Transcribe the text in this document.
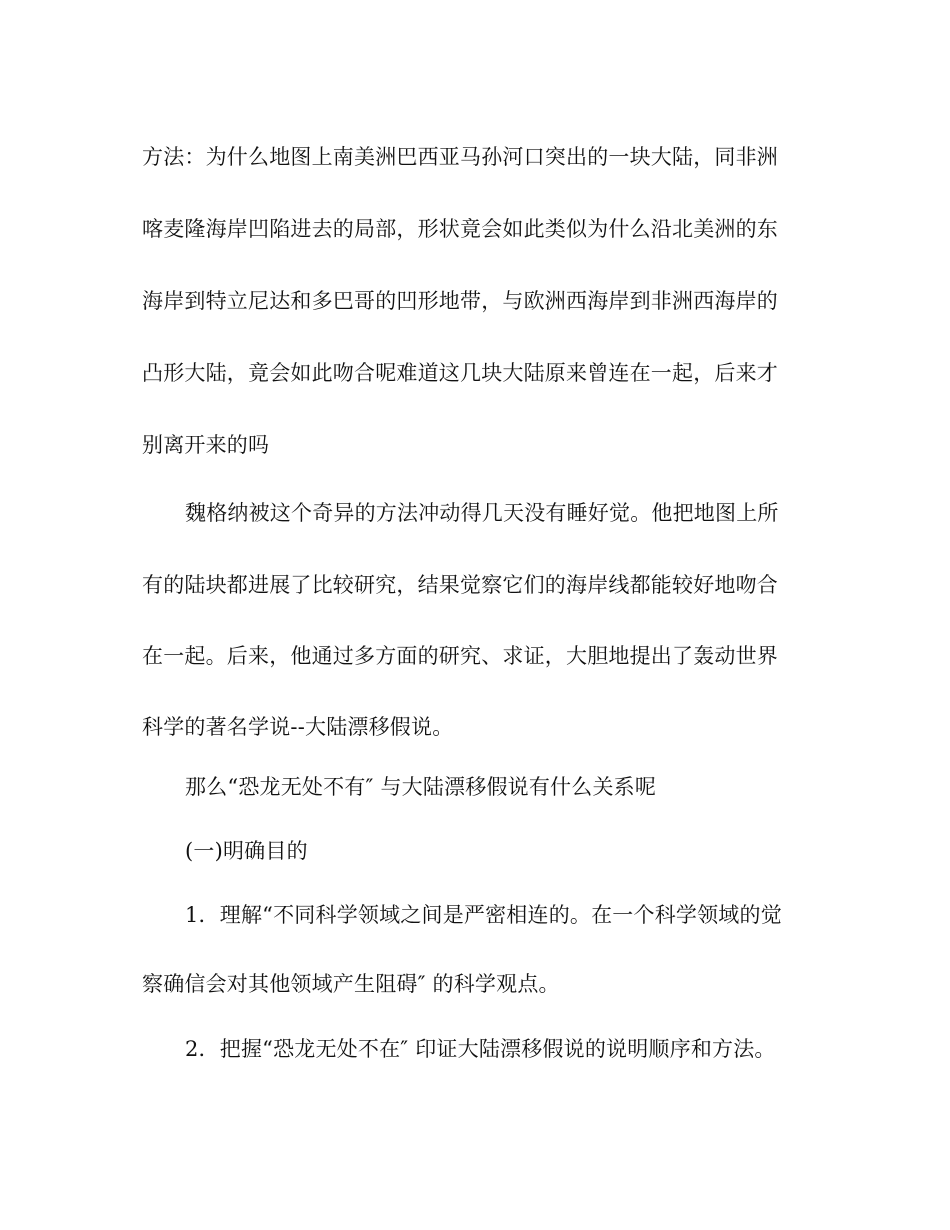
方法：为什么地图上南美洲巴西亚马孙河口突出的一块大陆，同非洲
喀麦隆海岸凹陷进去的局部，形状竟会如此类似为什么沿北美洲的东
海岸到特立尼达和多巴哥的凹形地带，与欧洲西海岸到非洲西海岸的
凸形大陆，竟会如此吻合呢难道这几块大陆原来曾连在一起，后来才
别离开来的吗
魏格纳被这个奇异的方法冲动得几天没有睡好觉。他把地图上所
有的陆块都进展了比较研究，结果觉察它们的海岸线都能较好地吻合
在一起。后来，他通过多方面的研究、求证，大胆地提出了轰动世界
科学的著名学说--大陆漂移假说。
那么“恐龙无处不有″ 与大陆漂移假说有什么关系呢
(一)明确目的
1．理解“不同科学领域之间是严密相连的。在一个科学领域的觉
察确信会对其他领域产生阻碍″ 的科学观点。
2．把握“恐龙无处不在″ 印证大陆漂移假说的说明顺序和方法。
